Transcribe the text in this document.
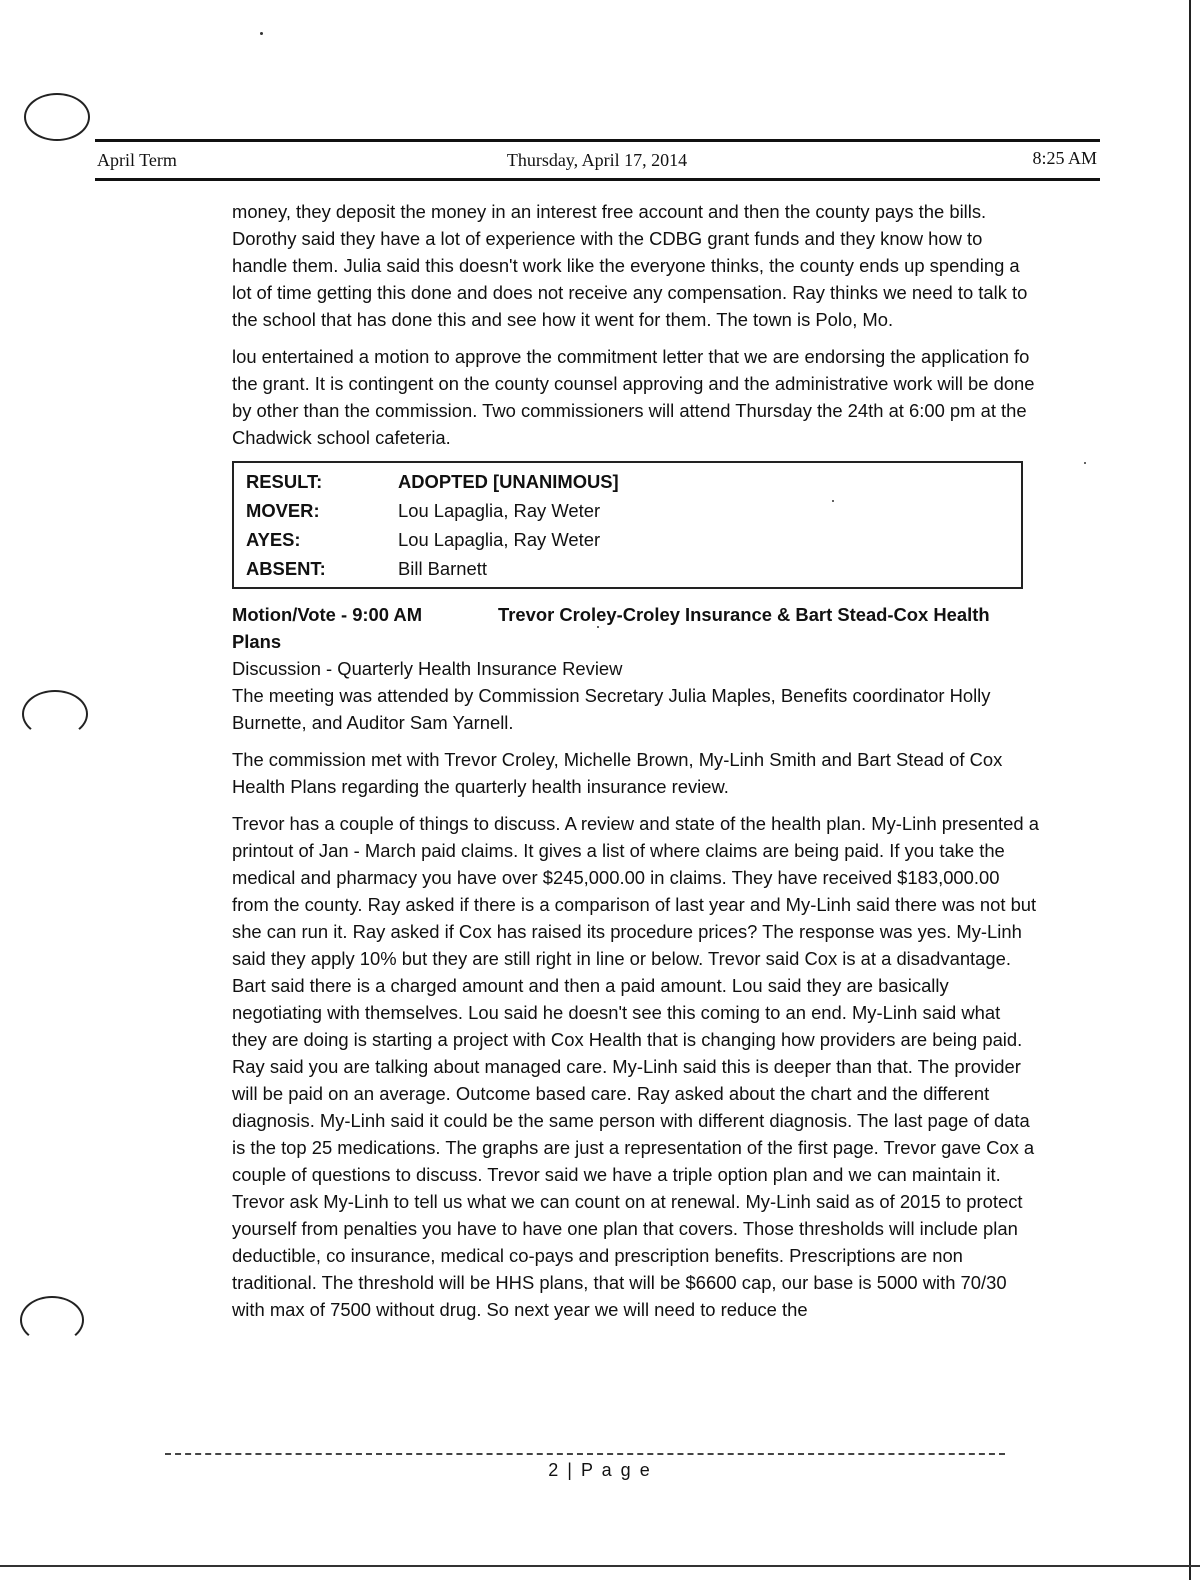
April Term	Thursday, April 17, 2014	8:25 AM

money, they deposit the money in an interest free account and then the county pays the bills. Dorothy said they have a lot of experience with the CDBG grant funds and they know how to handle them. Julia said this doesn't work like the everyone thinks, the county ends up spending a lot of time getting this done and does not receive any compensation. Ray thinks we need to talk to the school that has done this and see how it went for them. The town is Polo, Mo.

lou entertained a motion to approve the commitment letter that we are endorsing the application fo the grant. It is contingent on the county counsel approving and the administrative work will be done by other than the commission. Two commissioners will attend Thursday the 24th at 6:00 pm at the Chadwick school cafeteria.

RESULT:	ADOPTED [UNANIMOUS]
MOVER:	Lou Lapaglia, Ray Weter
AYES:	Lou Lapaglia, Ray Weter
ABSENT:	Bill Barnett
Motion/Vote - 9:00 AM	Trevor Croley-Croley Insurance & Bart Stead-Cox Health Plans
Discussion - Quarterly Health Insurance Review

The meeting was attended by Commission Secretary Julia Maples, Benefits coordinator Holly Burnette, and Auditor Sam Yarnell.

The commission met with Trevor Croley, Michelle Brown, My-Linh Smith and Bart Stead of Cox Health Plans regarding the quarterly health insurance review.

Trevor has a couple of things to discuss. A review and state of the health plan. My-Linh presented a printout of Jan - March paid claims. It gives a list of where claims are being paid. If you take the medical and pharmacy you have over $245,000.00 in claims. They have received $183,000.00 from the county. Ray asked if there is a comparison of last year and My-Linh said there was not but she can run it. Ray asked if Cox has raised its procedure prices? The response was yes. My-Linh said they apply 10% but they are still right in line or below. Trevor said Cox is at a disadvantage. Bart said there is a charged amount and then a paid amount. Lou said they are basically negotiating with themselves. Lou said he doesn't see this coming to an end. My-Linh said what they are doing is starting a project with Cox Health that is changing how providers are being paid. Ray said you are talking about managed care. My-Linh said this is deeper than that. The provider will be paid on an average. Outcome based care. Ray asked about the chart and the different diagnosis. My-Linh said it could be the same person with different diagnosis. The last page of data is the top 25 medications. The graphs are just a representation of the first page. Trevor gave Cox a couple of questions to discuss. Trevor said we have a triple option plan and we can maintain it. Trevor ask My-Linh to tell us what we can count on at renewal. My-Linh said as of 2015 to protect yourself from penalties you have to have one plan that covers. Those thresholds will include plan deductible, co insurance, medical co-pays and prescription benefits. Prescriptions are non traditional. The threshold will be HHS plans, that will be $6600 cap, our base is 5000 with 70/30 with max of 7500 without drug. So next year we will need to reduce the

2 | P a g e
